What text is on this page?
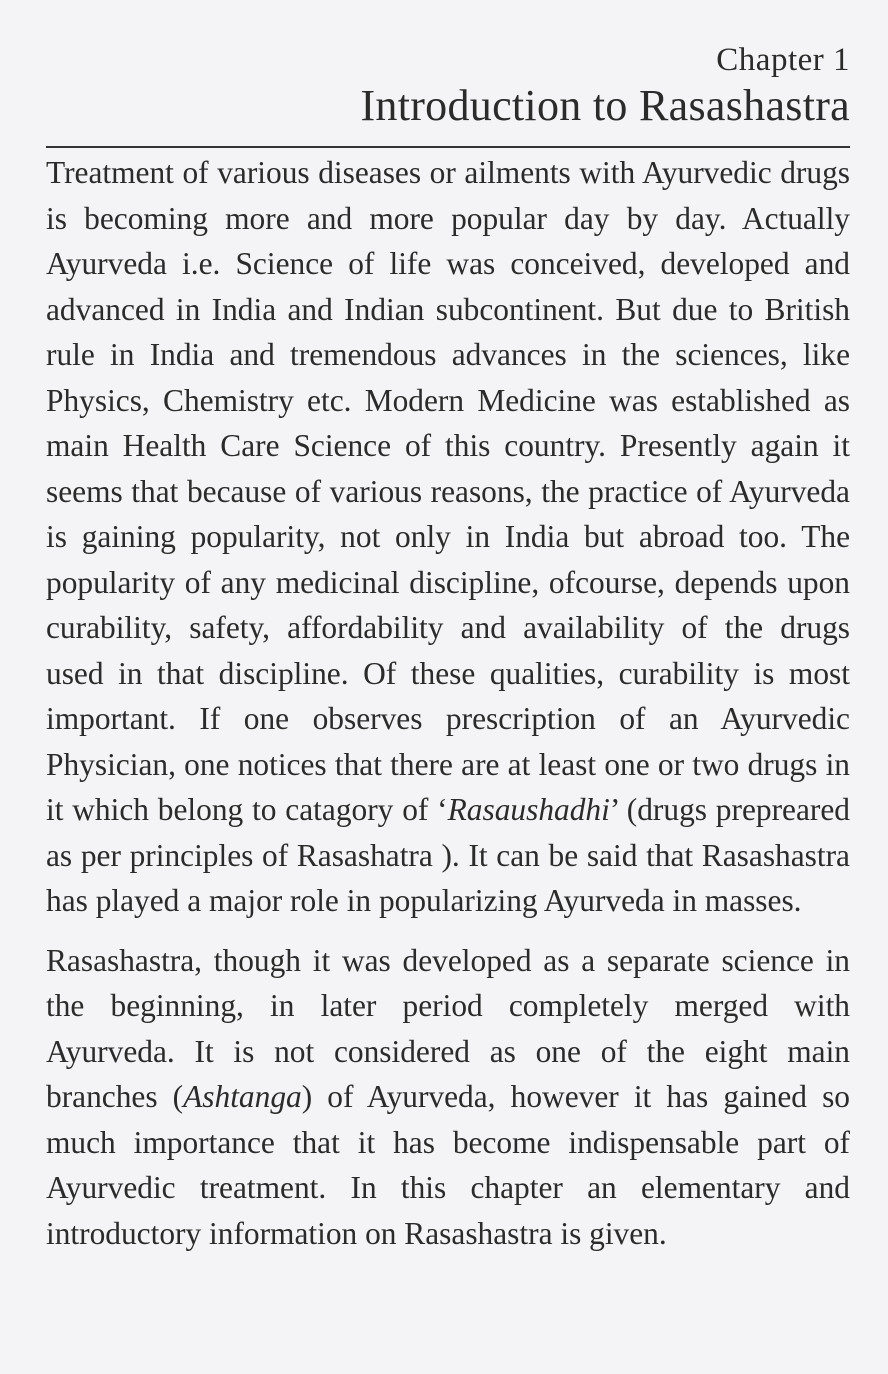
Chapter 1
Introduction to Rasashastra

Treatment of various diseases or ailments with Ayurvedic drugs is becoming more and more popular day by day. Actually Ayurveda i.e. Science of life was conceived, developed and advanced in India and Indian subcontinent. But due to British rule in India and tremendous advances in the sciences, like Physics, Chemistry etc. Modern Medicine was established as main Health Care Science of this country. Presently again it seems that because of various reasons, the practice of Ayurveda is gaining popularity, not only in India but abroad too. The popularity of any medicinal discipline, ofcourse, depends upon curability, safety, affordability and availability of the drugs used in that discipline. Of these qualities, curability is most important. If one observes prescription of an Ayurvedic Physician, one notices that there are at least one or two drugs in it which belong to catagory of ‘Rasaushadhi’ (drugs prepreared as per principles of Rasashatra ). It can be said that Rasashastra has played a major role in popularizing Ayurveda in masses.

Rasashastra, though it was developed as a separate science in the beginning, in later period completely merged with Ayurveda. It is not considered as one of the eight main branches (Ashtanga) of Ayurveda, however it has gained so much importance that it has become indispensable part of Ayurvedic treatment. In this chapter an elementary and introductory information on Rasashastra is given.
